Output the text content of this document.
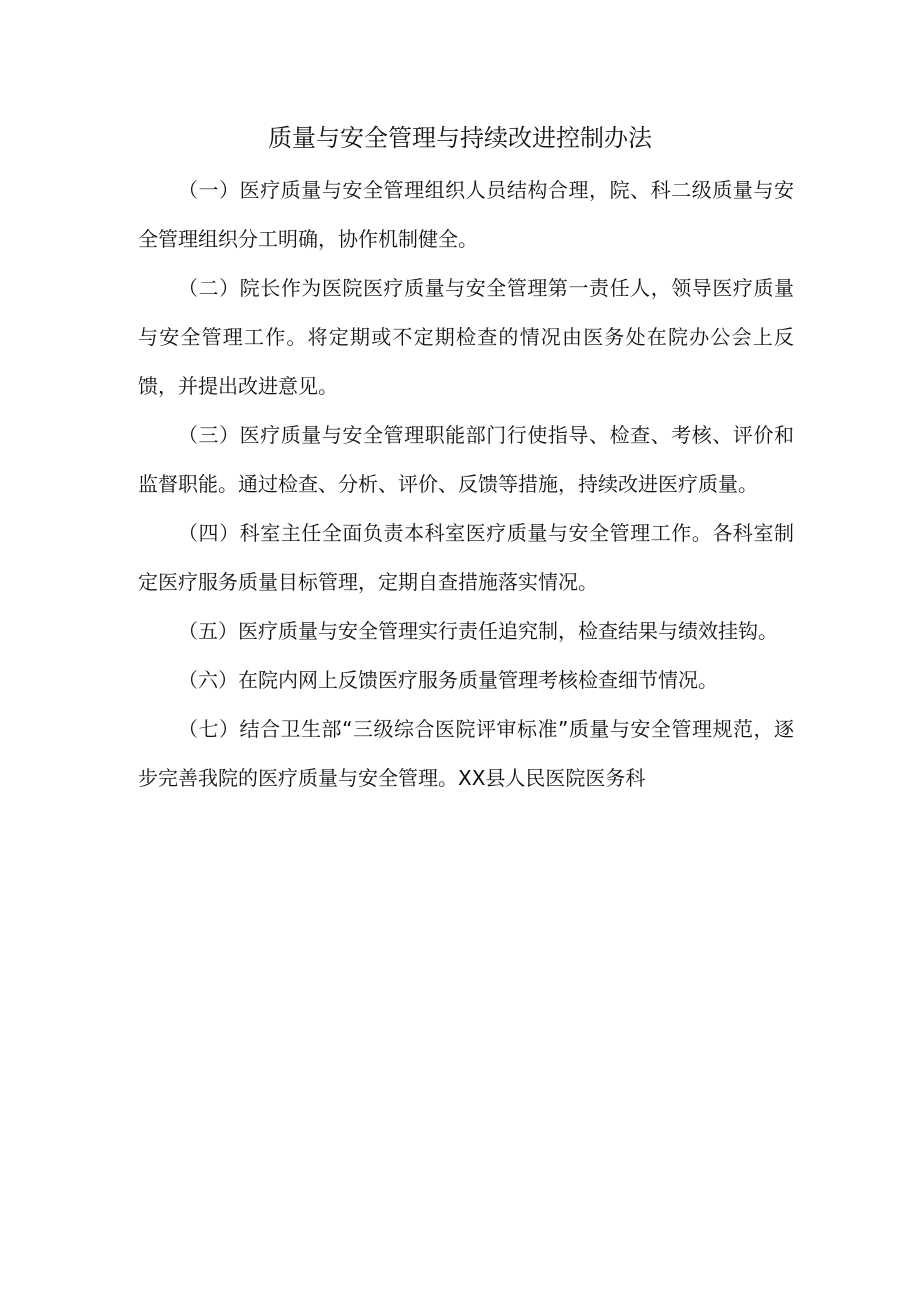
质量与安全管理与持续改进控制办法

（一）医疗质量与安全管理组织人员结构合理，院、科二级质量与安全管理组织分工明确，协作机制健全。

（二）院长作为医院医疗质量与安全管理第一责任人，领导医疗质量与安全管理工作。将定期或不定期检查的情况由医务处在院办公会上反馈，并提出改进意见。

（三）医疗质量与安全管理职能部门行使指导、检查、考核、评价和监督职能。通过检查、分析、评价、反馈等措施，持续改进医疗质量。

（四）科室主任全面负责本科室医疗质量与安全管理工作。各科室制定医疗服务质量目标管理，定期自查措施落实情况。

（五）医疗质量与安全管理实行责任追究制，检查结果与绩效挂钩。

（六）在院内网上反馈医疗服务质量管理考核检查细节情况。

（七）结合卫生部“三级综合医院评审标准”质量与安全管理规范，逐步完善我院的医疗质量与安全管理。XX县人民医院医务科
